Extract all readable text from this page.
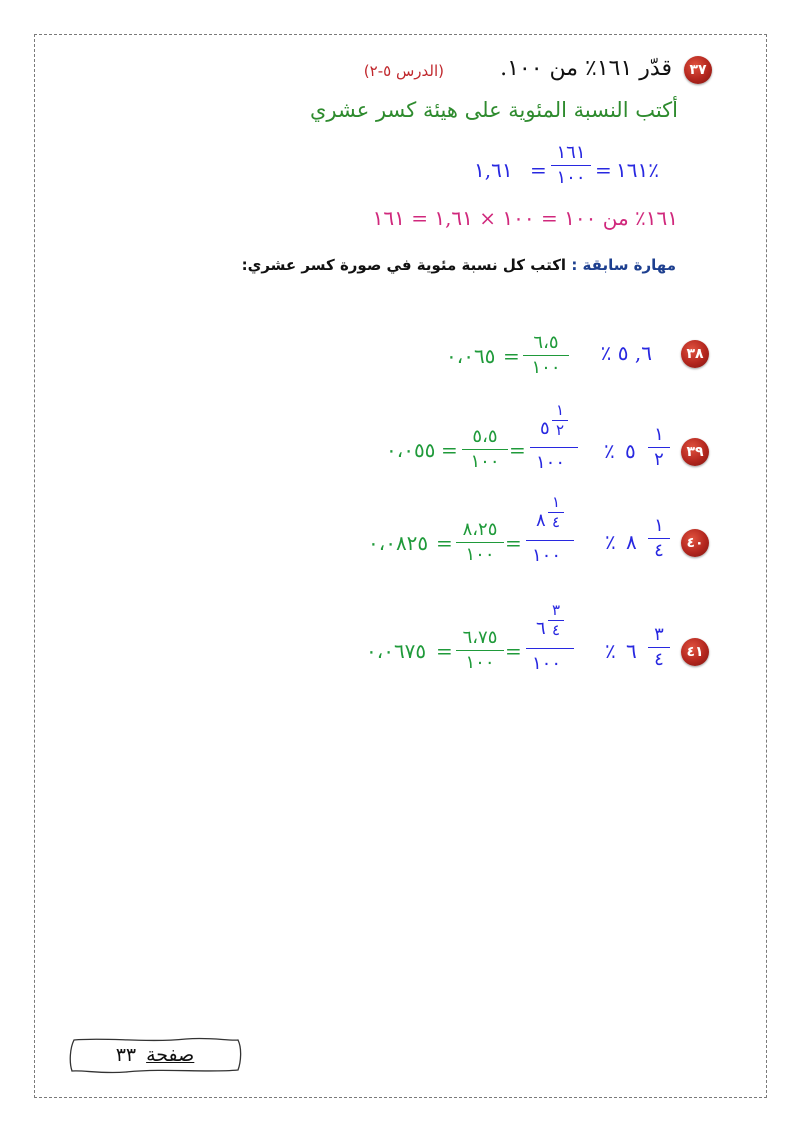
٣٧
قدّر ١٦١٪ من ١٠٠.
(الدرس ٥-٢)
أكتب النسبة المئوية على هيئة كسر عشري
١٦١٪
=
١٦١
١٠٠
=
١,٦١
١٦١٪ من ١٠٠ = ١٠٠ × ١,٦١ = ١٦١
مهارة سابقة : اكتب كل نسبة مئوية في صورة كسر عشري:
٣٨
٦, ٥ ٪
٦،٥
١٠٠
=
٠،٠٦٥
٣٩
٪ ٥
١
٢
١
٢
٥
١٠٠
=
٥،٥
١٠٠
=
٠،٠٥٥
٤٠
٪ ٨
١
٤
١
٤
٨
١٠٠
=
٨،٢٥
١٠٠
=
٠،٠٨٢٥
٤١
٪ ٦
٣
٤
٣
٤
٦
١٠٠
=
٦،٧٥
١٠٠
=
٠،٠٦٧٥
صفحة
٣٣
